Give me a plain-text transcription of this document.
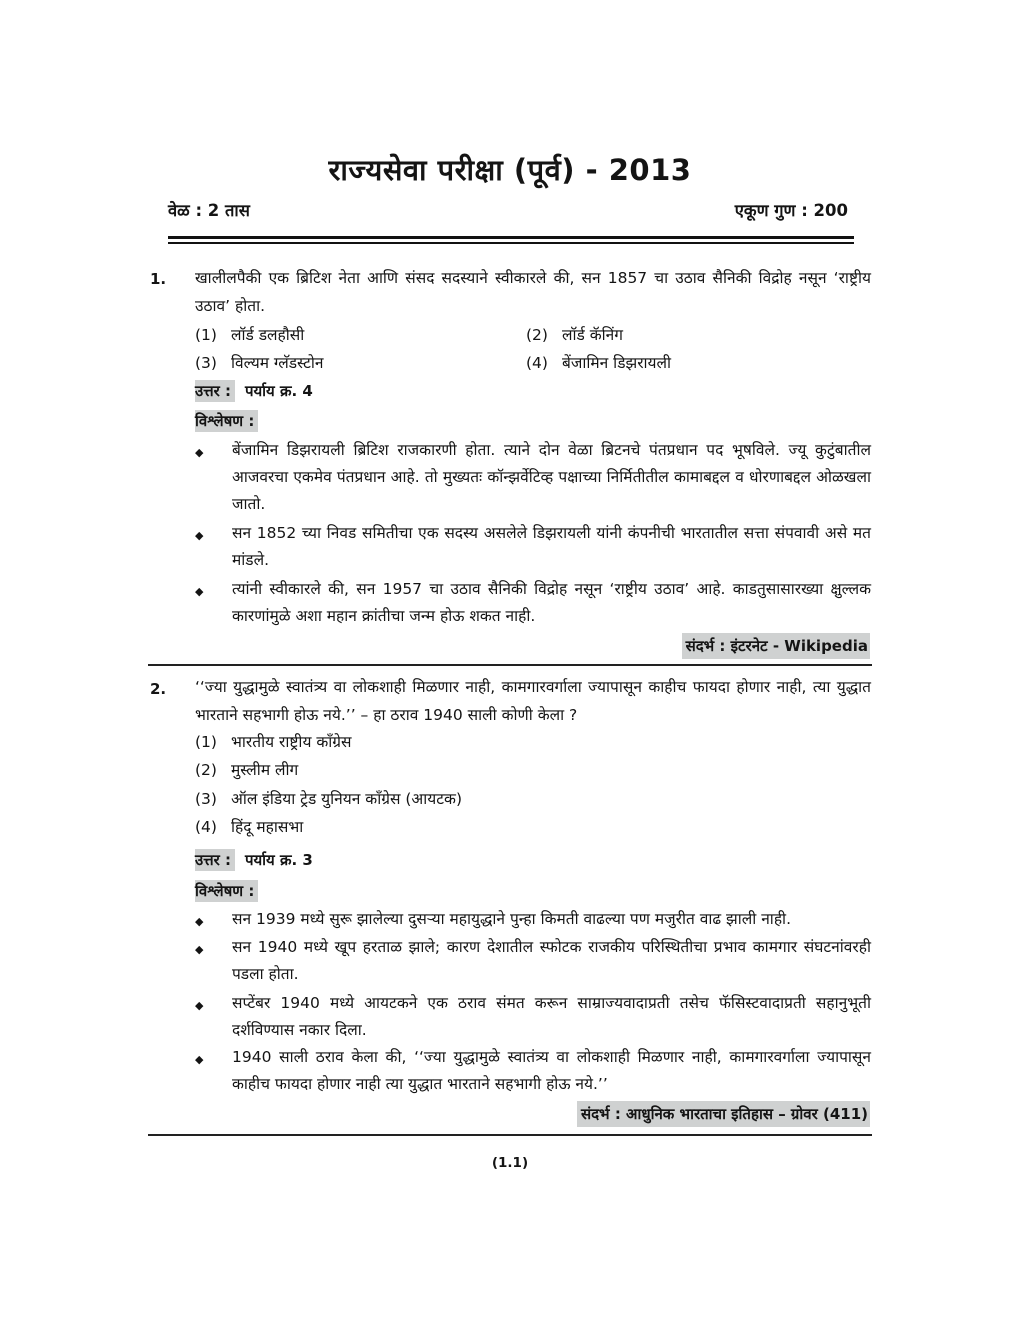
राज्यसेवा परीक्षा (पूर्व) - 2013
वेळ : 2 तास	एकूण गुण : 200
1. खालीलपैकी एक ब्रिटिश नेता आणि संसद सदस्याने स्वीकारले की, सन 1857 चा उठाव सैनिकी विद्रोह नसून ‘राष्ट्रीय उठाव’ होता.
(1) लॉर्ड डलहौसी	(2) लॉर्ड कॅनिंग
(3) विल्यम ग्लॅडस्टोन	(4) बेंजामिन डिझरायली
उत्तर : पर्याय क्र. 4
विश्लेषण :
◆ बेंजामिन डिझरायली ब्रिटिश राजकारणी होता. त्याने दोन वेळा ब्रिटनचे पंतप्रधान पद भूषविले. ज्यू कुटुंबातील आजवरचा एकमेव पंतप्रधान आहे. तो मुख्यतः कॉन्झर्वेटिव्ह पक्षाच्या निर्मितीतील कामाबद्दल व धोरणाबद्दल ओळखला जातो.
◆ सन 1852 च्या निवड समितीचा एक सदस्य असलेले डिझरायली यांनी कंपनीची भारतातील सत्ता संपवावी असे मत मांडले.
◆ त्यांनी स्वीकारले की, सन 1957 चा उठाव सैनिकी विद्रोह नसून ‘राष्ट्रीय उठाव’ आहे. काडतुसासारख्या क्षुल्लक कारणांमुळे अशा महान क्रांतीचा जन्म होऊ शकत नाही.
संदर्भ : इंटरनेट - Wikipedia
2. ‘‘ज्या युद्धामुळे स्वातंत्र्य वा लोकशाही मिळणार नाही, कामगारवर्गाला ज्यापासून काहीच फायदा होणार नाही, त्या युद्धात भारताने सहभागी होऊ नये.’’ – हा ठराव 1940 साली कोणी केला ?
(1) भारतीय राष्ट्रीय कॉंग्रेस
(2) मुस्लीम लीग
(3) ऑल इंडिया ट्रेड युनियन कॉंग्रेस (आयटक)
(4) हिंदू महासभा
उत्तर : पर्याय क्र. 3
विश्लेषण :
◆ सन 1939 मध्ये सुरू झालेल्या दुसऱ्या महायुद्धाने पुन्हा किमती वाढल्या पण मजुरीत वाढ झाली नाही.
◆ सन 1940 मध्ये खूप हरताळ झाले; कारण देशातील स्फोटक राजकीय परिस्थितीचा प्रभाव कामगार संघटनांवरही पडला होता.
◆ सप्टेंबर 1940 मध्ये आयटकने एक ठराव संमत करून साम्राज्यवादाप्रती तसेच फॅसिस्टवादाप्रती सहानुभूती दर्शविण्यास नकार दिला.
◆ 1940 साली ठराव केला की, ‘‘ज्या युद्धामुळे स्वातंत्र्य वा लोकशाही मिळणार नाही, कामगारवर्गाला ज्यापासून काहीच फायदा होणार नाही त्या युद्धात भारताने सहभागी होऊ नये.’’
संदर्भ : आधुनिक भारताचा इतिहास – ग्रोवर (411)
(1.1)
